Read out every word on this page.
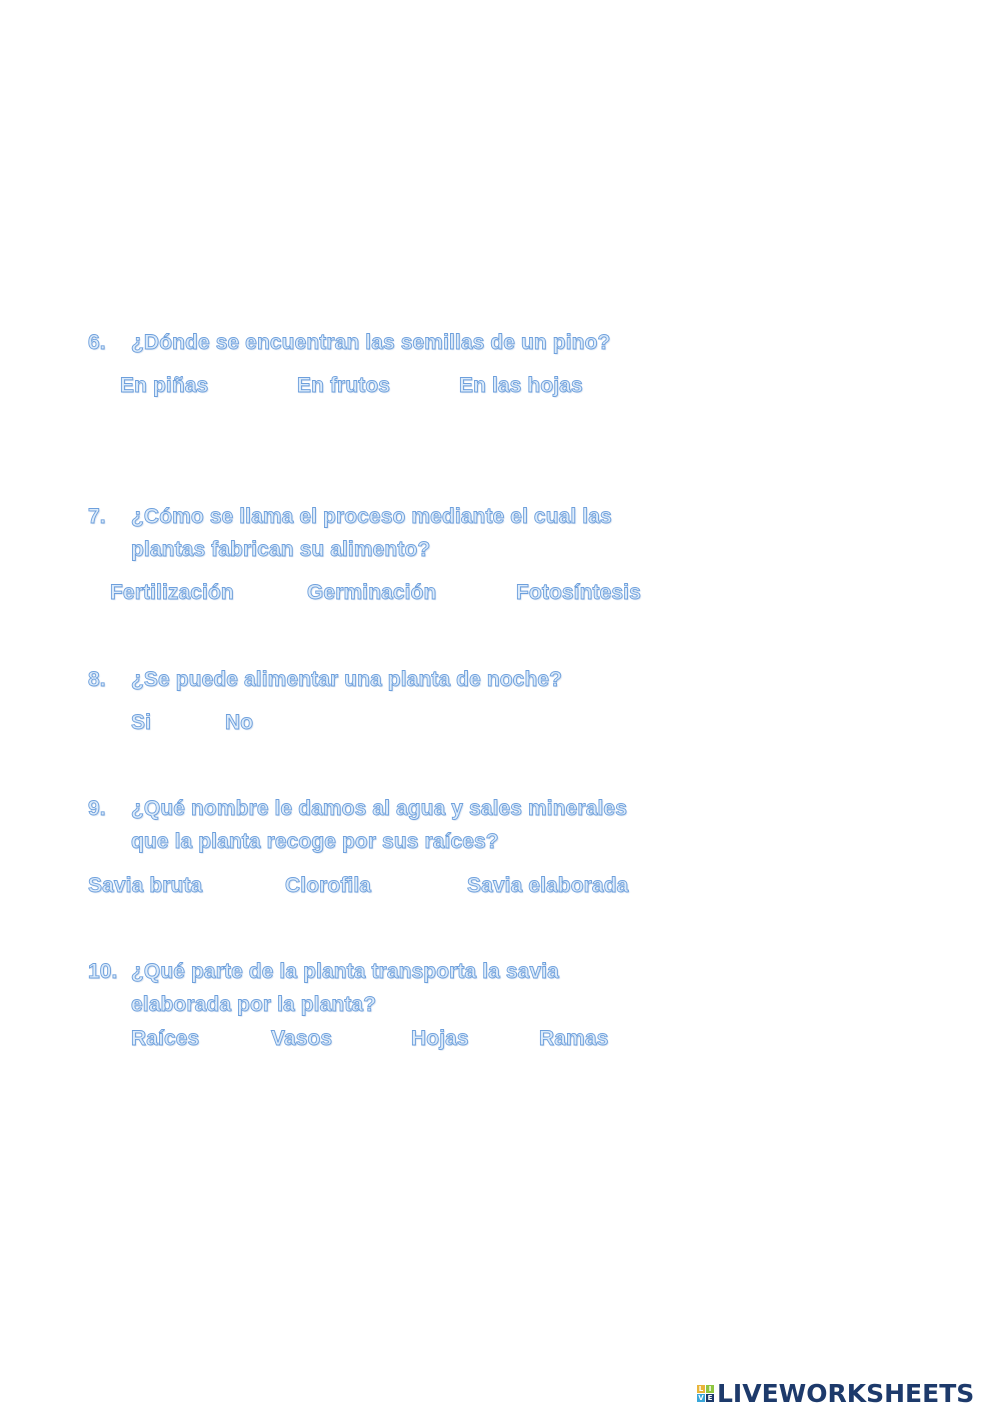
6. ¿Dónde se encuentran las semillas de un pino?
En piñas	En frutos	En las hojas
7. ¿Cómo se llama el proceso mediante el cual las
plantas fabrican su alimento?
Fertilización	Germinación	Fotosíntesis
8. ¿Se puede alimentar una planta de noche?
Si	No
9. ¿Qué nombre le damos al agua y sales minerales
que la planta recoge por sus raíces?
Savia bruta	Clorofila	Savia elaborada
10. ¿Qué parte de la planta transporta la savia
elaborada por la planta?
Raíces	Vasos	Hojas	Ramas
L I
V E LIVEWORKSHEETS
